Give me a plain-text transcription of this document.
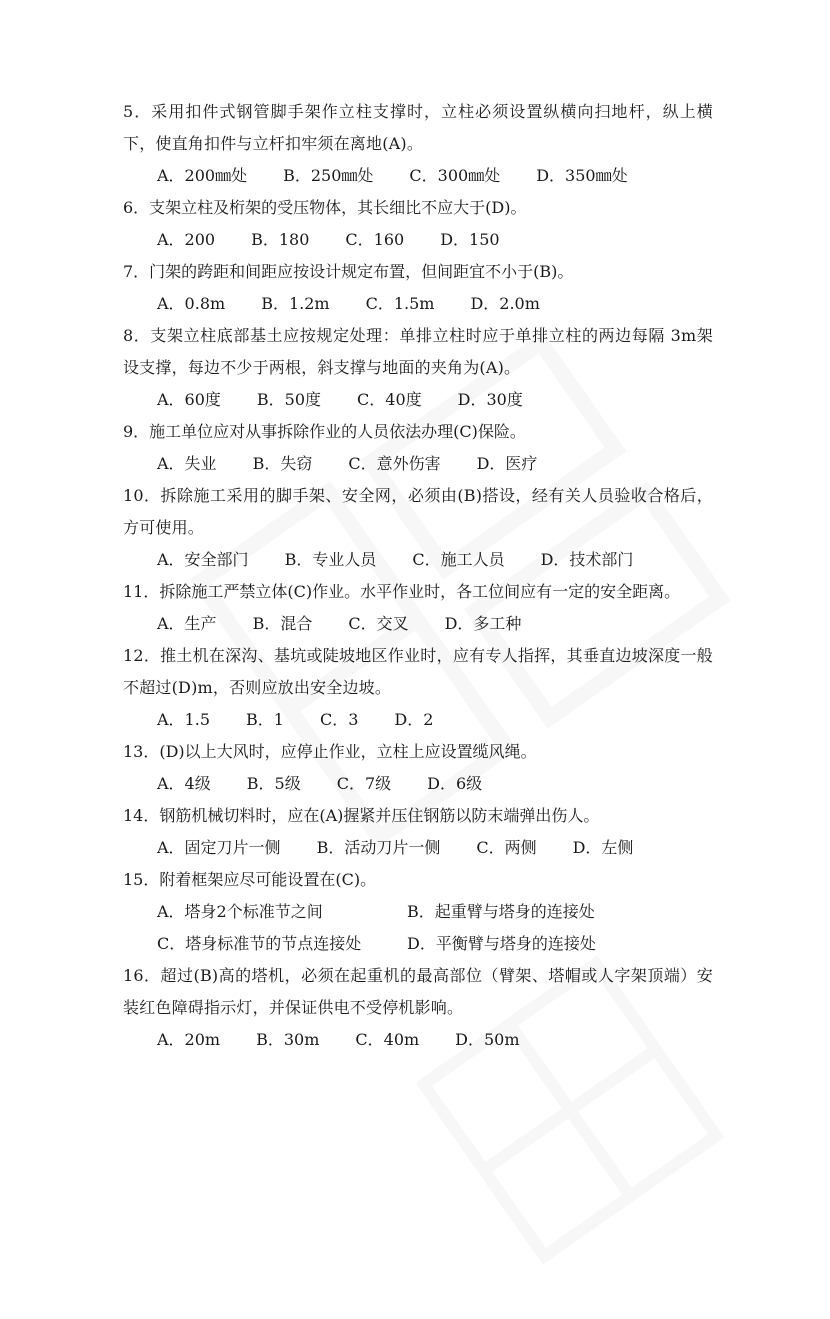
5．采用扣件式钢管脚手架作立柱支撑时，立柱必须设置纵横向扫地杆，纵上横下，使直角扣件与立杆扣牢须在离地(A)。

A．200㎜处 B．250㎜处 C．300㎜处 D．350㎜处

6．支架立柱及桁架的受压物体，其长细比不应大于(D)。

A．200 B．180 C．160 D．150

7．门架的跨距和间距应按设计规定布置，但间距宜不小于(B)。

A．0.8m B．1.2m C．1.5m D．2.0m

8．支架立柱底部基土应按规定处理：单排立柱时应于单排立柱的两边每隔 3m架设支撑，每边不少于两根，斜支撑与地面的夹角为(A)。

A．60度 B．50度 C．40度 D．30度

9．施工单位应对从事拆除作业的人员依法办理(C)保险。

A．失业 B．失窃 C．意外伤害 D．医疗

10．拆除施工采用的脚手架、安全网，必须由(B)搭设，经有关人员验收合格后，方可使用。

A．安全部门 B．专业人员 C．施工人员 D．技术部门

11．拆除施工严禁立体(C)作业。水平作业时，各工位间应有一定的安全距离。

A．生产 B．混合 C．交叉 D．多工种

12．推土机在深沟、基坑或陡坡地区作业时，应有专人指挥，其垂直边坡深度一般不超过(D)m，否则应放出安全边坡。

A．1.5 B．1 C．3 D．2

13．(D)以上大风时，应停止作业，立柱上应设置缆风绳。

A．4级 B．5级 C．7级 D．6级

14．钢筋机械切料时，应在(A)握紧并压住钢筋以防末端弹出伤人。

A．固定刀片一侧 B．活动刀片一侧 C．两侧 D．左侧

15．附着框架应尽可能设置在(C)。

A．塔身2个标准节之间	B．起重臂与塔身的连接处
C．塔身标准节的节点连接处	D．平衡臂与塔身的连接处

16．超过(B)高的塔机，必须在起重机的最高部位（臂架、塔帽或人字架顶端）安装红色障碍指示灯，并保证供电不受停机影响。

A．20m B．30m C．40m D．50m
